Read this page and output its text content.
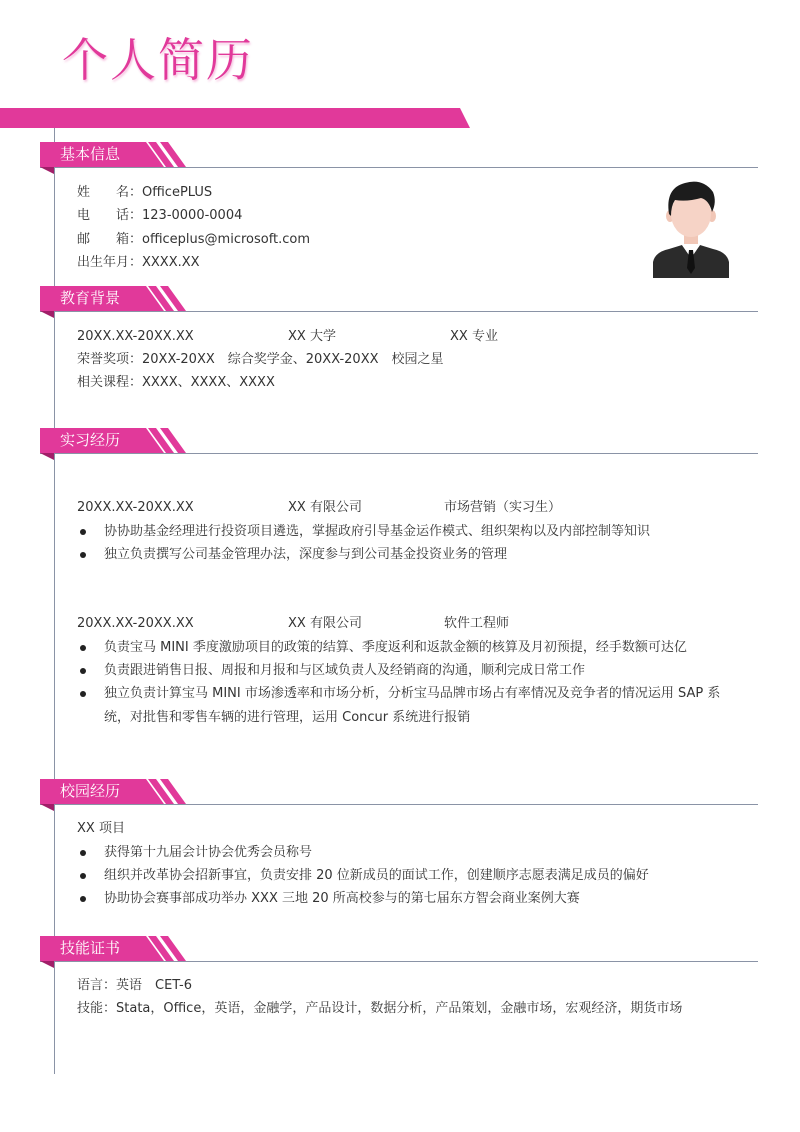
个人简历
基本信息
姓　　名：OfficePLUS
电　　话：123-0000-0004
邮　　箱：officeplus@microsoft.com
出生年月：XXXX.XX
教育背景
20XX.XX-20XX.XX	XX 大学	XX 专业
荣誉奖项：20XX-20XX　综合奖学金、20XX-20XX　校园之星
相关课程：XXXX、XXXX、XXXX
实习经历
20XX.XX-20XX.XX	XX 有限公司	市场营销（实习生）
协协助基金经理进行投资项目遴选，掌握政府引导基金运作模式、组织架构以及内部控制等知识
独立负责撰写公司基金管理办法，深度参与到公司基金投资业务的管理
20XX.XX-20XX.XX	XX 有限公司	软件工程师
负责宝马 MINI 季度激励项目的政策的结算、季度返利和返款金额的核算及月初预提，经手数额可达亿
负责跟进销售日报、周报和月报和与区域负责人及经销商的沟通，顺利完成日常工作
独立负责计算宝马 MINI 市场渗透率和市场分析，分析宝马品牌市场占有率情况及竞争者的情况运用 SAP 系
统，对批售和零售车辆的进行管理，运用 Concur 系统进行报销
校园经历
XX 项目
获得第十九届会计协会优秀会员称号
组织并改革协会招新事宜，负责安排 20 位新成员的面试工作，创建顺序志愿表满足成员的偏好
协助协会赛事部成功举办 XXX 三地 20 所高校参与的第七届东方智会商业案例大赛
技能证书
语言：英语　CET-6
技能：Stata，Office，英语，金融学，产品设计，数据分析，产品策划，金融市场，宏观经济，期货市场
